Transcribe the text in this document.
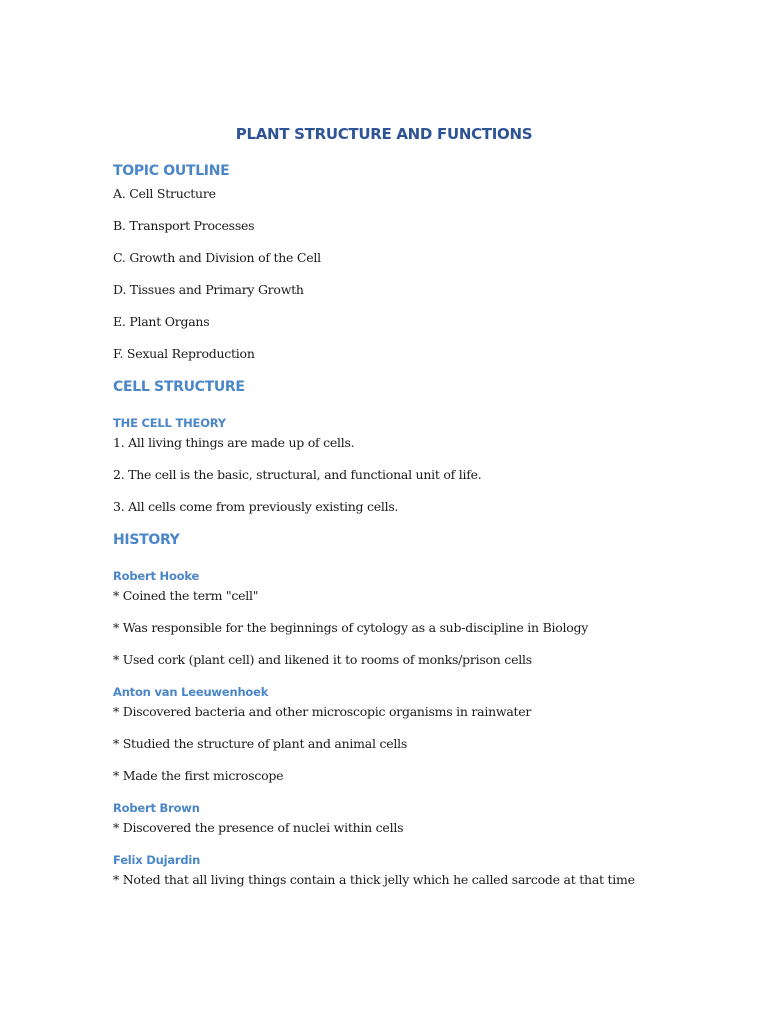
PLANT STRUCTURE AND FUNCTIONS
TOPIC OUTLINE
A. Cell Structure
B. Transport Processes
C. Growth and Division of the Cell
D. Tissues and Primary Growth
E. Plant Organs
F. Sexual Reproduction
CELL STRUCTURE
THE CELL THEORY
1. All living things are made up of cells.
2. The cell is the basic, structural, and functional unit of life.
3. All cells come from previously existing cells.
HISTORY
Robert Hooke
* Coined the term "cell"
* Was responsible for the beginnings of cytology as a sub-discipline in Biology
* Used cork (plant cell) and likened it to rooms of monks/prison cells
Anton van Leeuwenhoek
* Discovered bacteria and other microscopic organisms in rainwater
* Studied the structure of plant and animal cells
* Made the first microscope
Robert Brown
* Discovered the presence of nuclei within cells
Felix Dujardin
* Noted that all living things contain a thick jelly which he called sarcode at that time
